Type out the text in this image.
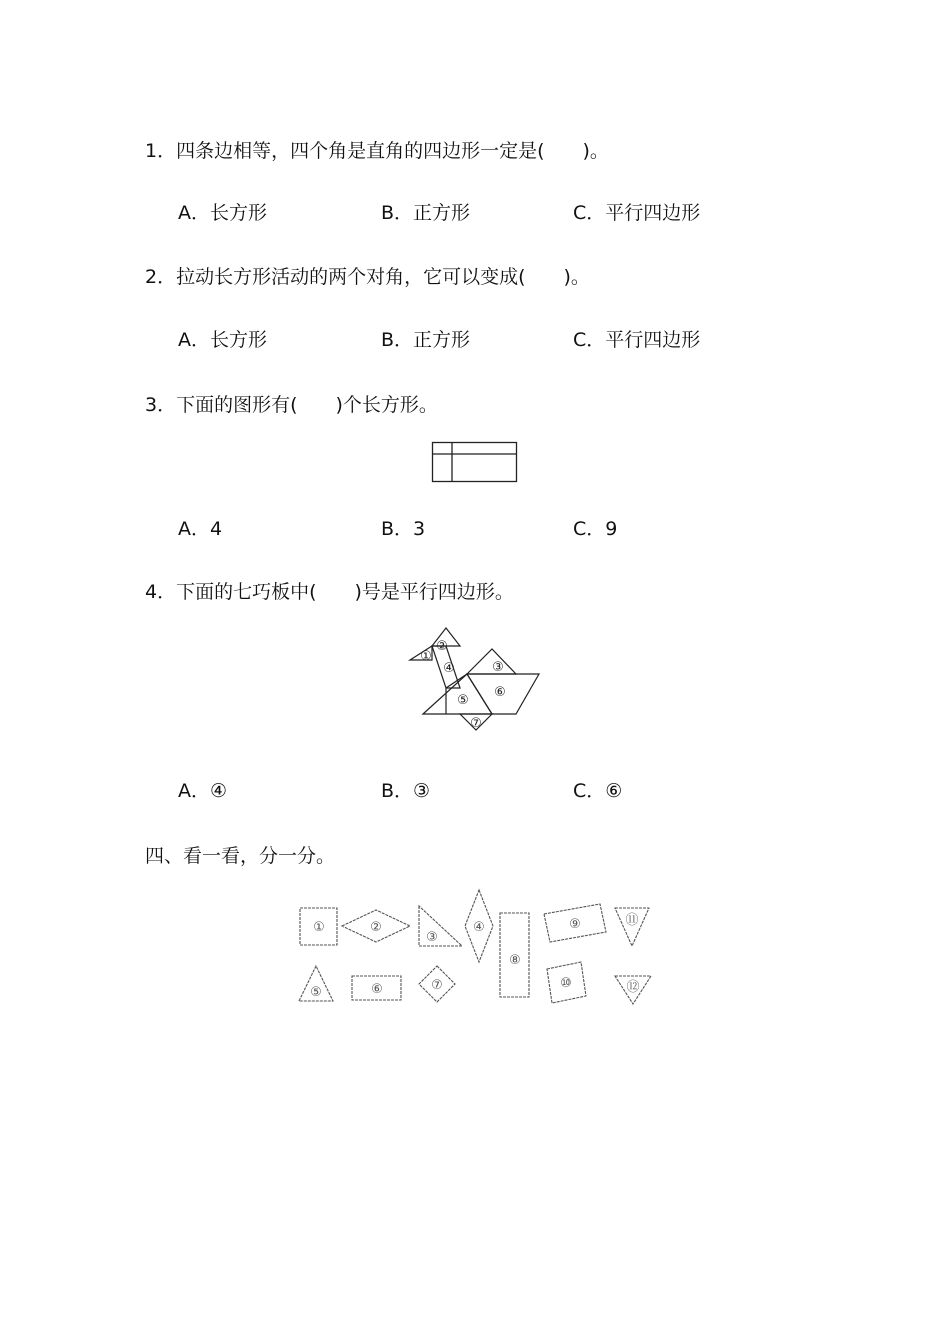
1．四条边相等，四个角是直角的四边形一定是(　　)。
A．长方形	B．正方形	C．平行四边形
2．拉动长方形活动的两个对角，它可以变成(　　)。
A．长方形	B．正方形	C．平行四边形
3．下面的图形有(　　)个长方形。
A．4	B．3	C．9
4．下面的七巧板中(　　)号是平行四边形。
①
②
④	③
⑥
⑤
⑦
A．④	B．③	C．⑥
四、看一看，分一分。
①	②
③
④
⑧
⑨	⑪
⑤	⑥	⑦	⑩	⑫
